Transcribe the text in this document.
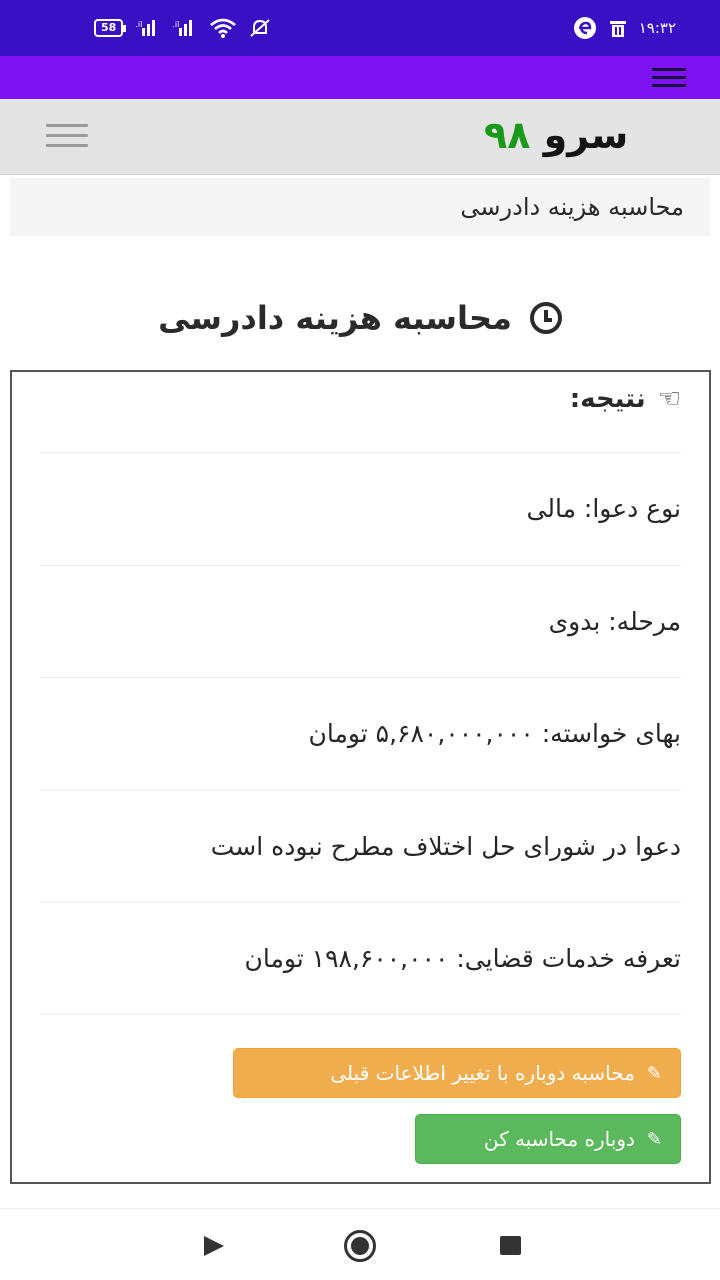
58	.il	.il	۱۹:۳۲
سرو ۹۸
محاسبه هزینه دادرسی
محاسبه هزینه دادرسی
☜
نتیجه:
نوع دعوا: مالی
مرحله: بدوی
بهای خواسته: ۵,۶۸۰,۰۰۰,۰۰۰ تومان
دعوا در شورای حل اختلاف مطرح نبوده است
تعرفه خدمات قضایی: ۱۹۸,۶۰۰,۰۰۰ تومان
✎
محاسبه دوباره با تغییر اطلاعات قبلی
✎
دوباره محاسبه کن
